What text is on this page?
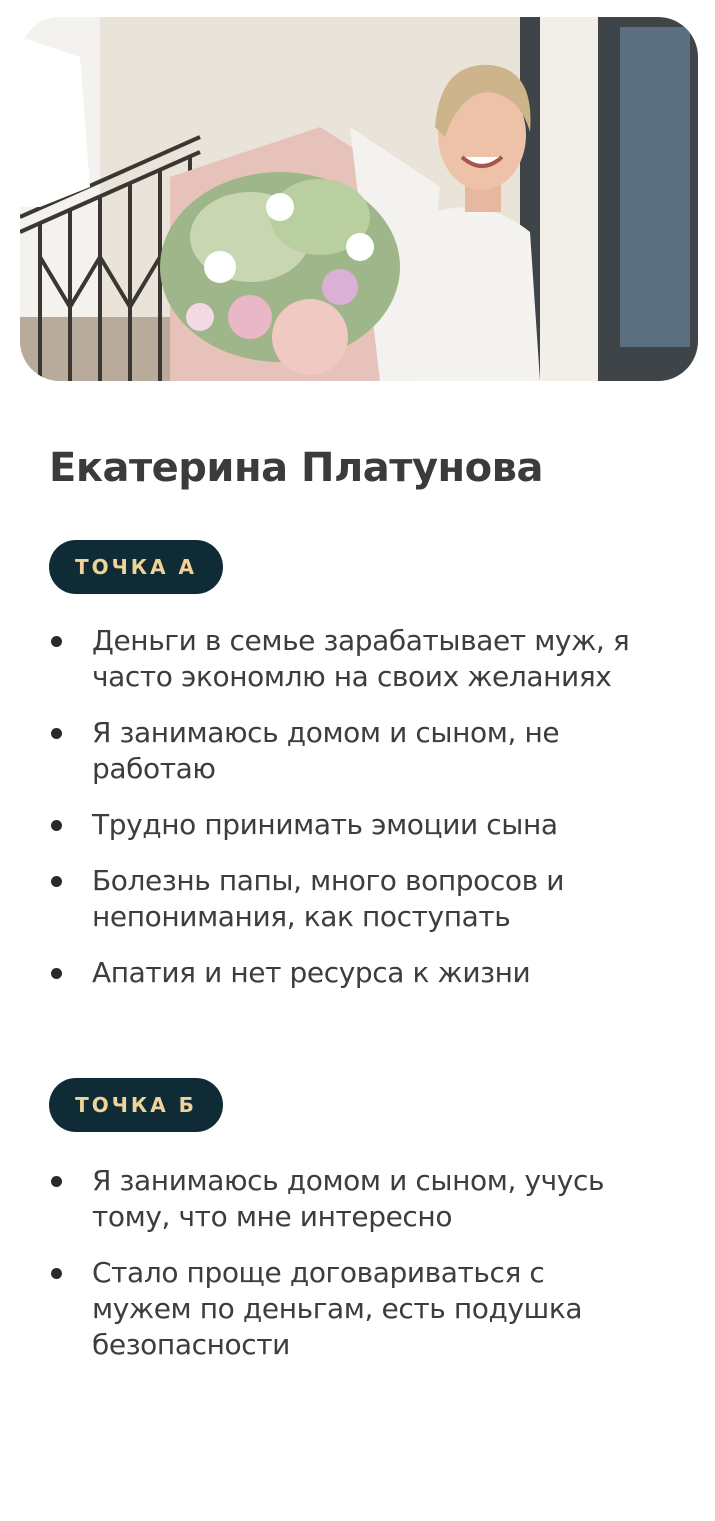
Екатерина Платунова
ТОЧКА А
Деньги в семье зарабатывает муж, я часто экономлю на своих желаниях
Я занимаюсь домом и сыном, не работаю
Трудно принимать эмоции сына
Болезнь папы, много вопросов и непонимания, как поступать
Апатия и нет ресурса к жизни
ТОЧКА Б
Я занимаюсь домом и сыном, учусь тому, что мне интересно
Стало проще договариваться с мужем по деньгам, есть подушка безопасности
